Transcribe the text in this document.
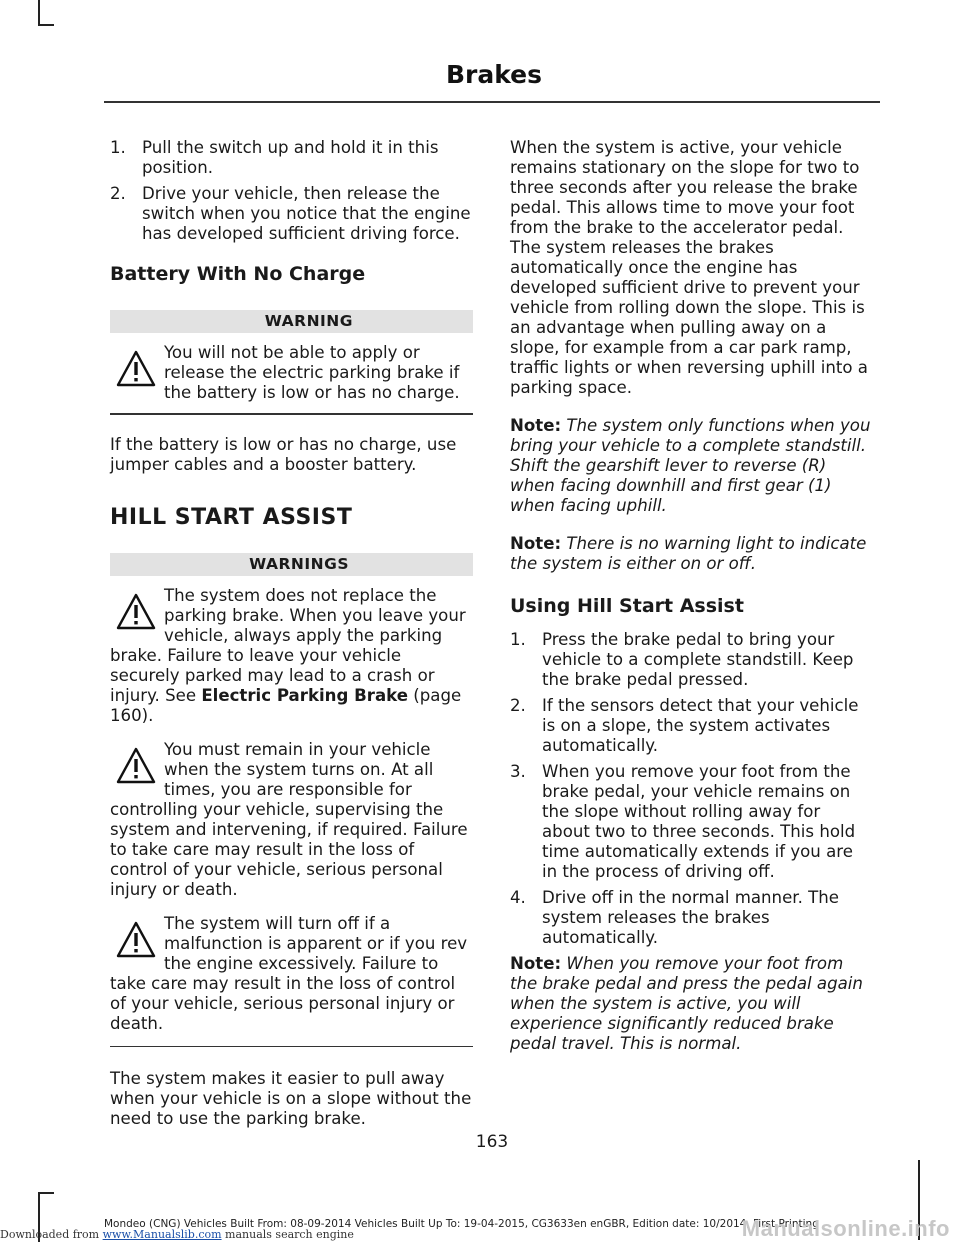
Brakes
1. Pull the switch up and hold it in this position.
2. Drive your vehicle, then release the switch when you notice that the engine has developed sufficient driving force.
Battery With No Charge
WARNING
You will not be able to apply or release the electric parking brake if the battery is low or has no charge.

If the battery is low or has no charge, use jumper cables and a booster battery.

HILL START ASSIST
WARNINGS

The system does not replace the parking brake. When you leave your vehicle, always apply the parking brake. Failure to leave your vehicle securely parked may lead to a crash or injury. See Electric Parking Brake (page 160).

You must remain in your vehicle when the system turns on. At all times, you are responsible for controlling your vehicle, supervising the system and intervening, if required. Failure to take care may result in the loss of control of your vehicle, serious personal injury or death.

The system will turn off if a malfunction is apparent or if you rev the engine excessively. Failure to take care may result in the loss of control of your vehicle, serious personal injury or death.

The system makes it easier to pull away when your vehicle is on a slope without the need to use the parking brake.

When the system is active, your vehicle remains stationary on the slope for two to three seconds after you release the brake pedal. This allows time to move your foot from the brake to the accelerator pedal. The system releases the brakes automatically once the engine has developed sufficient drive to prevent your vehicle from rolling down the slope. This is an advantage when pulling away on a slope, for example from a car park ramp, traffic lights or when reversing uphill into a parking space.

Note: The system only functions when you bring your vehicle to a complete standstill. Shift the gearshift lever to reverse (R) when facing downhill and first gear (1) when facing uphill.

Note: There is no warning light to indicate the system is either on or off.

Using Hill Start Assist
1. Press the brake pedal to bring your vehicle to a complete standstill. Keep the brake pedal pressed.
2. If the sensors detect that your vehicle is on a slope, the system activates automatically.
3. When you remove your foot from the brake pedal, your vehicle remains on the slope without rolling away for about two to three seconds. This hold time automatically extends if you are in the process of driving off.
4. Drive off in the normal manner. The system releases the brakes automatically.

Note: When you remove your foot from the brake pedal and press the pedal again when the system is active, you will experience significantly reduced brake pedal travel. This is normal.

163
Mondeo (CNG) Vehicles Built From: 08-09-2014 Vehicles Built Up To: 19-04-2015, CG3633en enGBR, Edition date: 10/2014, First Printing
Downloaded from www.Manualslib.com manuals search engine	Manualsonline.info
